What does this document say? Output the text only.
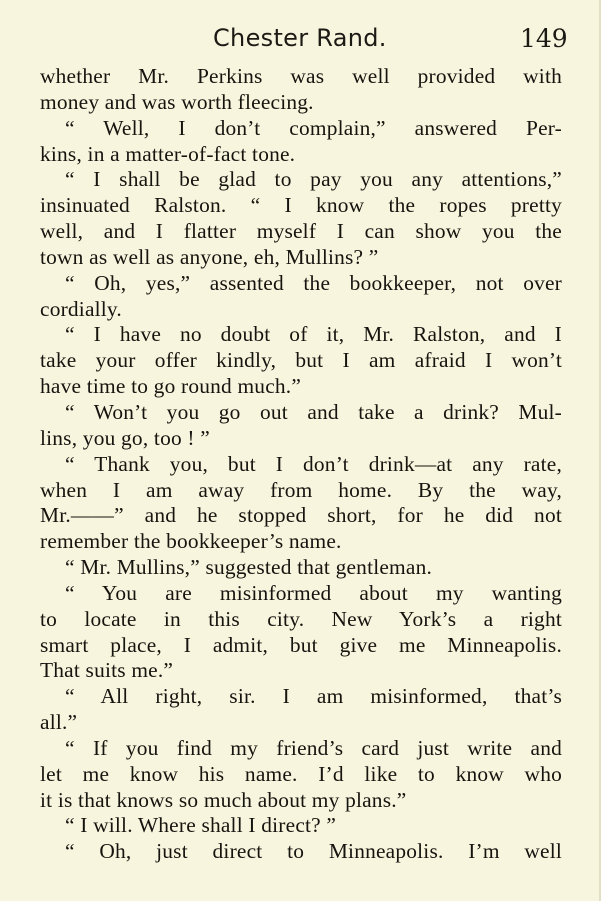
Chester Rand.	149
whether Mr. Perkins was well provided with
money and was worth fleecing.
“ Well, I don’t complain,” answered Per-
kins, in a matter-of-fact tone.
“ I shall be glad to pay you any attentions,”
insinuated Ralston. “ I know the ropes pretty
well, and I flatter myself I can show you the
town as well as anyone, eh, Mullins? ”
“ Oh, yes,” assented the bookkeeper, not over
cordially.
“ I have no doubt of it, Mr. Ralston, and I
take your offer kindly, but I am afraid I won’t
have time to go round much.”
“ Won’t you go out and take a drink? Mul-
lins, you go, too ! ”
“ Thank you, but I don’t drink—at any rate,
when I am away from home. By the way,
Mr.——” and he stopped short, for he did not
remember the bookkeeper’s name.
“ Mr. Mullins,” suggested that gentleman.
“ You are misinformed about my wanting
to locate in this city. New York’s a right
smart place, I admit, but give me Minneapolis.
That suits me.”
“ All right, sir. I am misinformed, that’s
all.”
“ If you find my friend’s card just write and
let me know his name. I’d like to know who
it is that knows so much about my plans.”
“ I will. Where shall I direct? ”
“ Oh, just direct to Minneapolis. I’m well
